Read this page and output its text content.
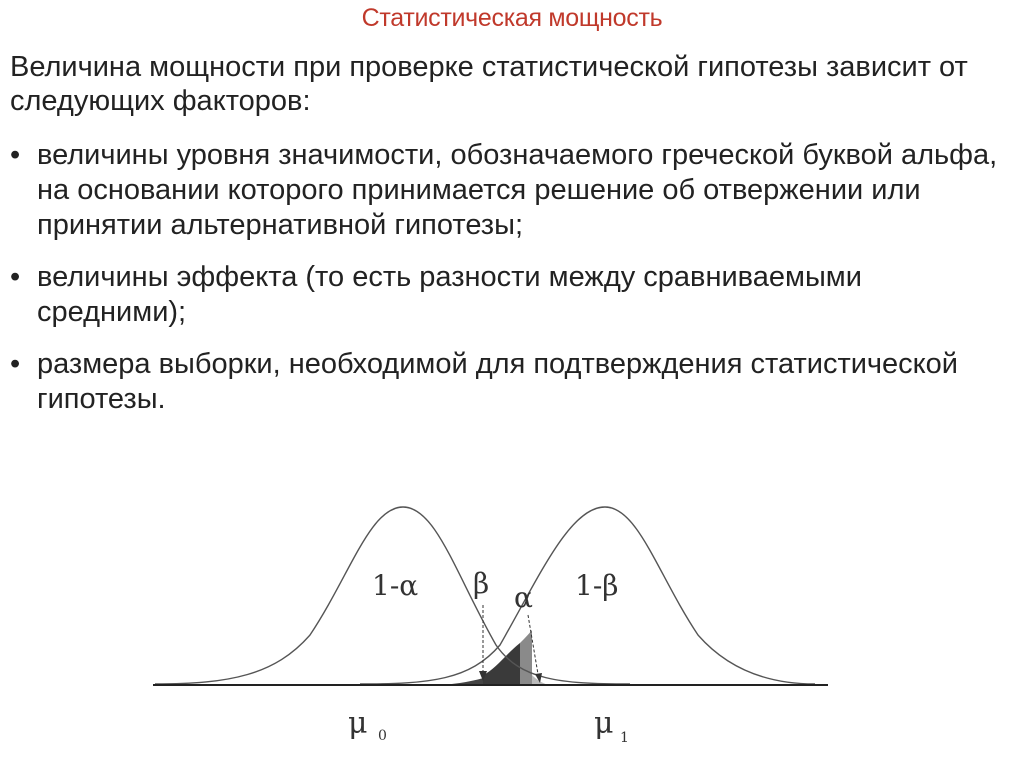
Статистическая мощность

Величина мощности при проверке статистической гипотезы зависит от следующих факторов:

• величины уровня значимости, обозначаемого греческой буквой альфа, на основании которого принимается решение об отвержении или принятии альтернативной гипотезы;
• величины эффекта (то есть разности между сравниваемыми средними);
• размера выборки, необходимой для подтверждения статистической гипотезы.
1-α β α 1-β
μ 0	μ 1
